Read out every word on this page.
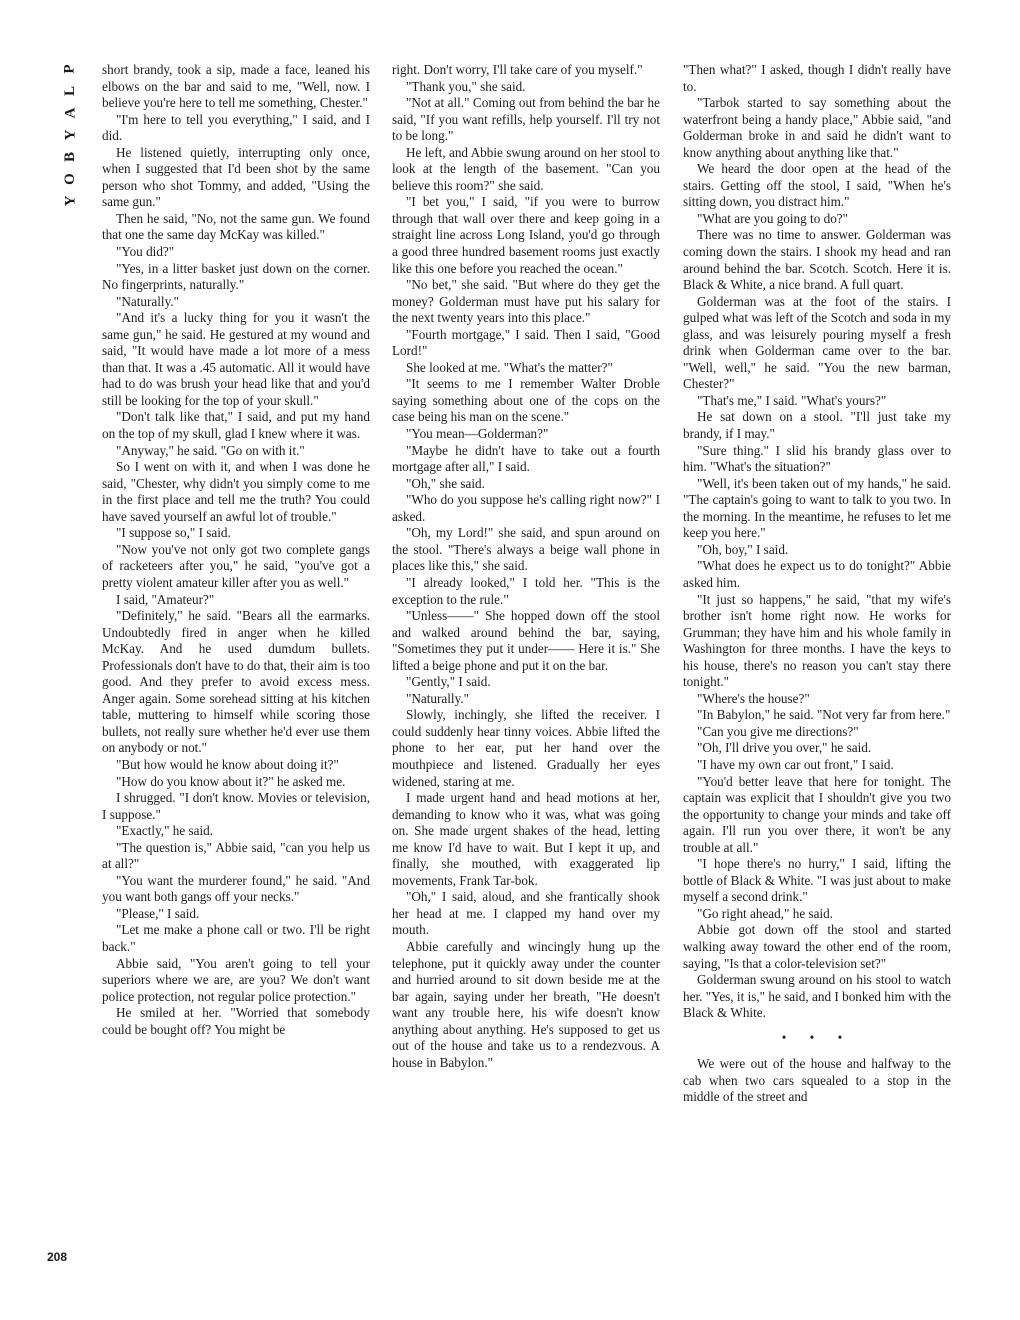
P
L
A
Y
B
O
Y
208

short brandy, took a sip, made a face, leaned his elbows on the bar and said to me, "Well, now. I believe you're here to tell me something, Chester."

"I'm here to tell you everything," I said, and I did.

He listened quietly, interrupting only once, when I suggested that I'd been shot by the same person who shot Tommy, and added, "Using the same gun."

Then he said, "No, not the same gun. We found that one the same day McKay was killed."

"You did?"

"Yes, in a litter basket just down on the corner. No fingerprints, naturally."

"Naturally."

"And it's a lucky thing for you it wasn't the same gun," he said. He gestured at my wound and said, "It would have made a lot more of a mess than that. It was a .45 automatic. All it would have had to do was brush your head like that and you'd still be looking for the top of your skull."

"Don't talk like that," I said, and put my hand on the top of my skull, glad I knew where it was.

"Anyway," he said. "Go on with it."

So I went on with it, and when I was done he said, "Chester, why didn't you simply come to me in the first place and tell me the truth? You could have saved yourself an awful lot of trouble."

"I suppose so," I said.

"Now you've not only got two complete gangs of racketeers after you," he said, "you've got a pretty violent amateur killer after you as well."

I said, "Amateur?"

"Definitely," he said. "Bears all the earmarks. Undoubtedly fired in anger when he killed McKay. And he used dumdum bullets. Professionals don't have to do that, their aim is too good. And they prefer to avoid excess mess. Anger again. Some sorehead sitting at his kitchen table, muttering to himself while scoring those bullets, not really sure whether he'd ever use them on anybody or not."

"But how would he know about doing it?"

"How do you know about it?" he asked me.

I shrugged. "I don't know. Movies or television, I suppose."

"Exactly," he said.

"The question is," Abbie said, "can you help us at all?"

"You want the murderer found," he said. "And you want both gangs off your necks."

"Please," I said.

"Let me make a phone call or two. I'll be right back."

Abbie said, "You aren't going to tell your superiors where we are, are you? We don't want police protection, not regular police protection."

He smiled at her. "Worried that somebody could be bought off? You might be

right. Don't worry, I'll take care of you myself."

"Thank you," she said.

"Not at all." Coming out from behind the bar he said, "If you want refills, help yourself. I'll try not to be long."

He left, and Abbie swung around on her stool to look at the length of the basement. "Can you believe this room?" she said.

"I bet you," I said, "if you were to burrow through that wall over there and keep going in a straight line across Long Island, you'd go through a good three hundred basement rooms just exactly like this one before you reached the ocean."

"No bet," she said. "But where do they get the money? Golderman must have put his salary for the next twenty years into this place."

"Fourth mortgage," I said. Then I said, "Good Lord!"

She looked at me. "What's the matter?"

"It seems to me I remember Walter Droble saying something about one of the cops on the case being his man on the scene."

"You mean—Golderman?"

"Maybe he didn't have to take out a fourth mortgage after all," I said.

"Oh," she said.

"Who do you suppose he's calling right now?" I asked.

"Oh, my Lord!" she said, and spun around on the stool. "There's always a beige wall phone in places like this," she said.

"I already looked," I told her. "This is the exception to the rule."

"Unless——" She hopped down off the stool and walked around behind the bar, saying, "Sometimes they put it under—— Here it is." She lifted a beige phone and put it on the bar.

"Gently," I said.

"Naturally."

Slowly, inchingly, she lifted the receiver. I could suddenly hear tinny voices. Abbie lifted the phone to her ear, put her hand over the mouthpiece and listened. Gradually her eyes widened, staring at me.

I made urgent hand and head motions at her, demanding to know who it was, what was going on. She made urgent shakes of the head, letting me know I'd have to wait. But I kept it up, and finally, she mouthed, with exaggerated lip movements, Frank Tar-bok.

"Oh," I said, aloud, and she frantically shook her head at me. I clapped my hand over my mouth.

Abbie carefully and wincingly hung up the telephone, put it quickly away under the counter and hurried around to sit down beside me at the bar again, saying under her breath, "He doesn't want any trouble here, his wife doesn't know anything about anything. He's supposed to get us out of the house and take us to a rendezvous. A house in Babylon."

"Then what?" I asked, though I didn't really have to.

"Tarbok started to say something about the waterfront being a handy place," Abbie said, "and Golderman broke in and said he didn't want to know anything about anything like that."

We heard the door open at the head of the stairs. Getting off the stool, I said, "When he's sitting down, you distract him."

"What are you going to do?"

There was no time to answer. Golderman was coming down the stairs. I shook my head and ran around behind the bar. Scotch. Scotch. Here it is. Black & White, a nice brand. A full quart.

Golderman was at the foot of the stairs. I gulped what was left of the Scotch and soda in my glass, and was leisurely pouring myself a fresh drink when Golderman came over to the bar. "Well, well," he said. "You the new barman, Chester?"

"That's me," I said. "What's yours?"

He sat down on a stool. "I'll just take my brandy, if I may."

"Sure thing." I slid his brandy glass over to him. "What's the situation?"

"Well, it's been taken out of my hands," he said. "The captain's going to want to talk to you two. In the morning. In the meantime, he refuses to let me keep you here."

"Oh, boy," I said.

"What does he expect us to do tonight?" Abbie asked him.

"It just so happens," he said, "that my wife's brother isn't home right now. He works for Grumman; they have him and his whole family in Washington for three months. I have the keys to his house, there's no reason you can't stay there tonight."

"Where's the house?"

"In Babylon," he said. "Not very far from here."

"Can you give me directions?"

"Oh, I'll drive you over," he said.

"I have my own car out front," I said.

"You'd better leave that here for tonight. The captain was explicit that I shouldn't give you two the opportunity to change your minds and take off again. I'll run you over there, it won't be any trouble at all."

"I hope there's no hurry," I said, lifting the bottle of Black & White. "I was just about to make myself a second drink."

"Go right ahead," he said.

Abbie got down off the stool and started walking away toward the other end of the room, saying, "Is that a color-television set?"

Golderman swung around on his stool to watch her. "Yes, it is," he said, and I bonked him with the Black & White.

• • •

We were out of the house and halfway to the cab when two cars squealed to a stop in the middle of the street and
